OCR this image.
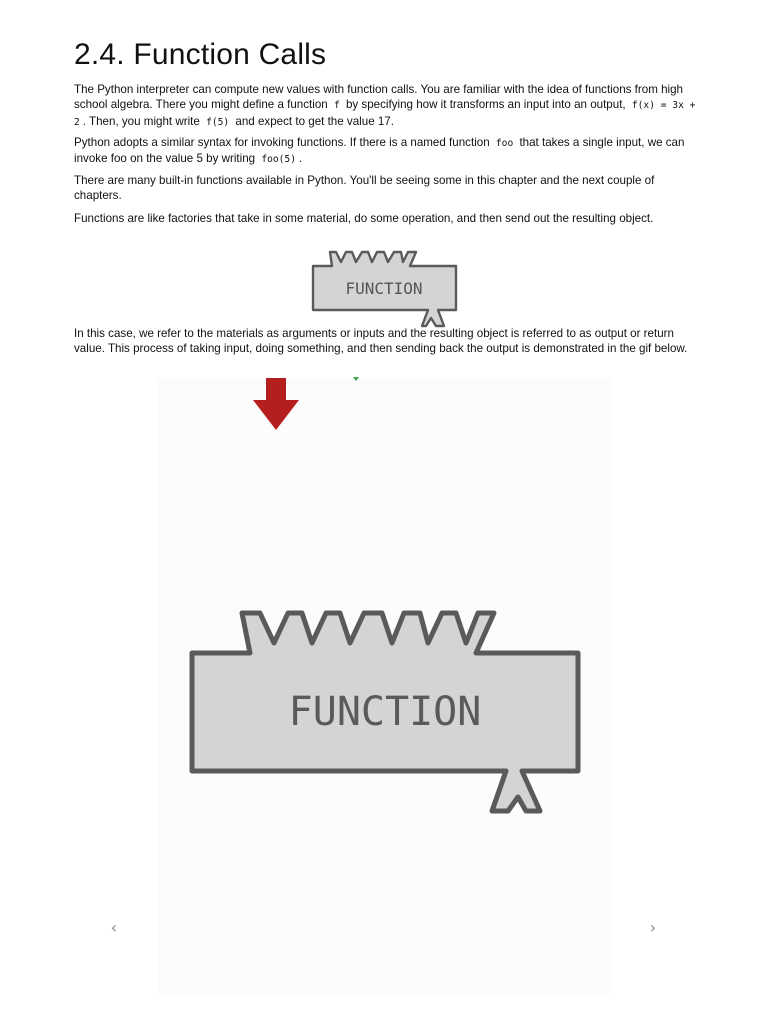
2.4. Function Calls

The Python interpreter can compute new values with function calls. You are familiar with the idea of functions from high school algebra. There you might define a function f by specifying how it transforms an input into an output, f(x) = 3x + 2 . Then, you might write f(5) and expect to get the value 17.

Python adopts a similar syntax for invoking functions. If there is a named function foo that takes a single input, we can invoke foo on the value 5 by writing foo(5) .

There are many built-in functions available in Python. You'll be seeing some in this chapter and the next couple of chapters.

Functions are like factories that take in some material, do some operation, and then send out the resulting object.

FUNCTION

In this case, we refer to the materials as arguments or inputs and the resulting object is referred to as output or return value. This process of taking input, doing something, and then sending back the output is demonstrated in the gif below.

FUNCTION
‹	›
